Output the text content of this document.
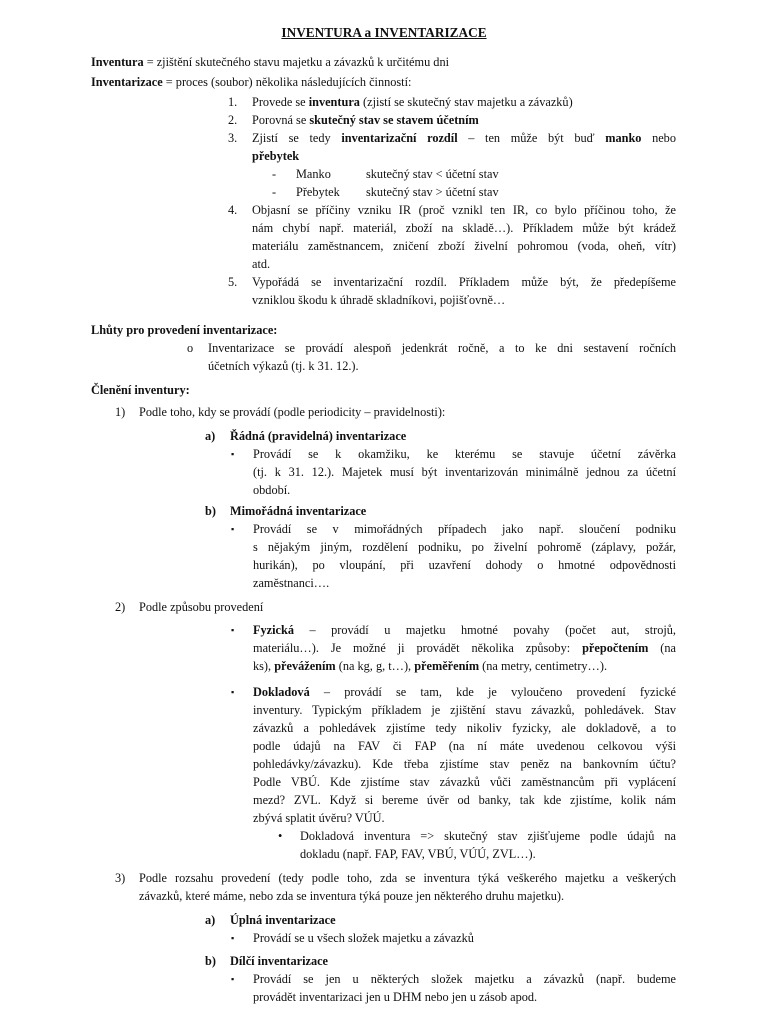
INVENTURA a INVENTARIZACE
Inventura = zjištění skutečného stavu majetku a závazků k určitému dni
Inventarizace = proces (soubor) několika následujících činností:
1. Provede se inventura (zjistí se skutečný stav majetku a závazků)
2. Porovná se skutečný stav se stavem účetním
3. Zjistí se tedy inventarizační rozdíl – ten může být buď manko nebo
přebytek
- Manko	skutečný stav < účetní stav
- Přebytek skutečný stav > účetní stav
4. Objasní se příčiny vzniku IR (proč vznikl ten IR, co bylo příčinou toho, že
nám chybí např. materiál, zboží na skladě…). Příkladem může být krádež
materiálu zaměstnancem, zničení zboží živelní pohromou (voda, oheň, vítr)
atd.
5. Vypořádá se inventarizační rozdíl. Příkladem může být, že předepíšeme
vzniklou škodu k úhradě skladníkovi, pojišťovně…
Lhůty pro provedení inventarizace:
o Inventarizace se provádí alespoň jedenkrát ročně, a to ke dni sestavení ročních
účetních výkazů (tj. k 31. 12.).
Členění inventury:
1) Podle toho, kdy se provádí (podle periodicity – pravidelnosti):
a) Řádná (pravidelná) inventarizace
▪ Provádí se k okamžiku, ke kterému se stavuje účetní závěrka
(tj. k 31. 12.). Majetek musí být inventarizován minimálně jednou za účetní
období.
b) Mimořádná inventarizace
▪ Provádí se v mimořádných případech jako např. sloučení podniku
s nějakým jiným, rozdělení podniku, po živelní pohromě (záplavy, požár,
hurikán), po vloupání, při uzavření dohody o hmotné odpovědnosti
zaměstnanci….
2) Podle způsobu provedení
▪ Fyzická – provádí u majetku hmotné povahy (počet aut, strojů,
materiálu…). Je možné ji provádět několika způsoby: přepočtením (na
ks), převážením (na kg, g, t…), přeměřením (na metry, centimetry…).
▪ Dokladová – provádí se tam, kde je vyloučeno provedení fyzické
inventury. Typickým příkladem je zjištění stavu závazků, pohledávek. Stav
závazků a pohledávek zjistíme tedy nikoliv fyzicky, ale dokladově, a to
podle údajů na FAV či FAP (na ní máte uvedenou celkovou výši
pohledávky/závazku). Kde třeba zjistíme stav peněz na bankovním účtu?
Podle VBÚ. Kde zjistíme stav závazků vůči zaměstnancům při vyplácení
mezd? ZVL. Když si bereme úvěr od banky, tak kde zjistíme, kolik nám
zbývá splatit úvěru? VÚÚ.
• Dokladová inventura => skutečný stav zjišťujeme podle údajů na
dokladu (např. FAP, FAV, VBÚ, VÚÚ, ZVL…).
3) Podle rozsahu provedení (tedy podle toho, zda se inventura týká veškerého majetku a veškerých
závazků, které máme, nebo zda se inventura týká pouze jen některého druhu majetku).
a) Úplná inventarizace
▪ Provádí se u všech složek majetku a závazků
b) Dílčí inventarizace
▪ Provádí se jen u některých složek majetku a závazků (např. budeme
provádět inventarizaci jen u DHM nebo jen u zásob apod.
